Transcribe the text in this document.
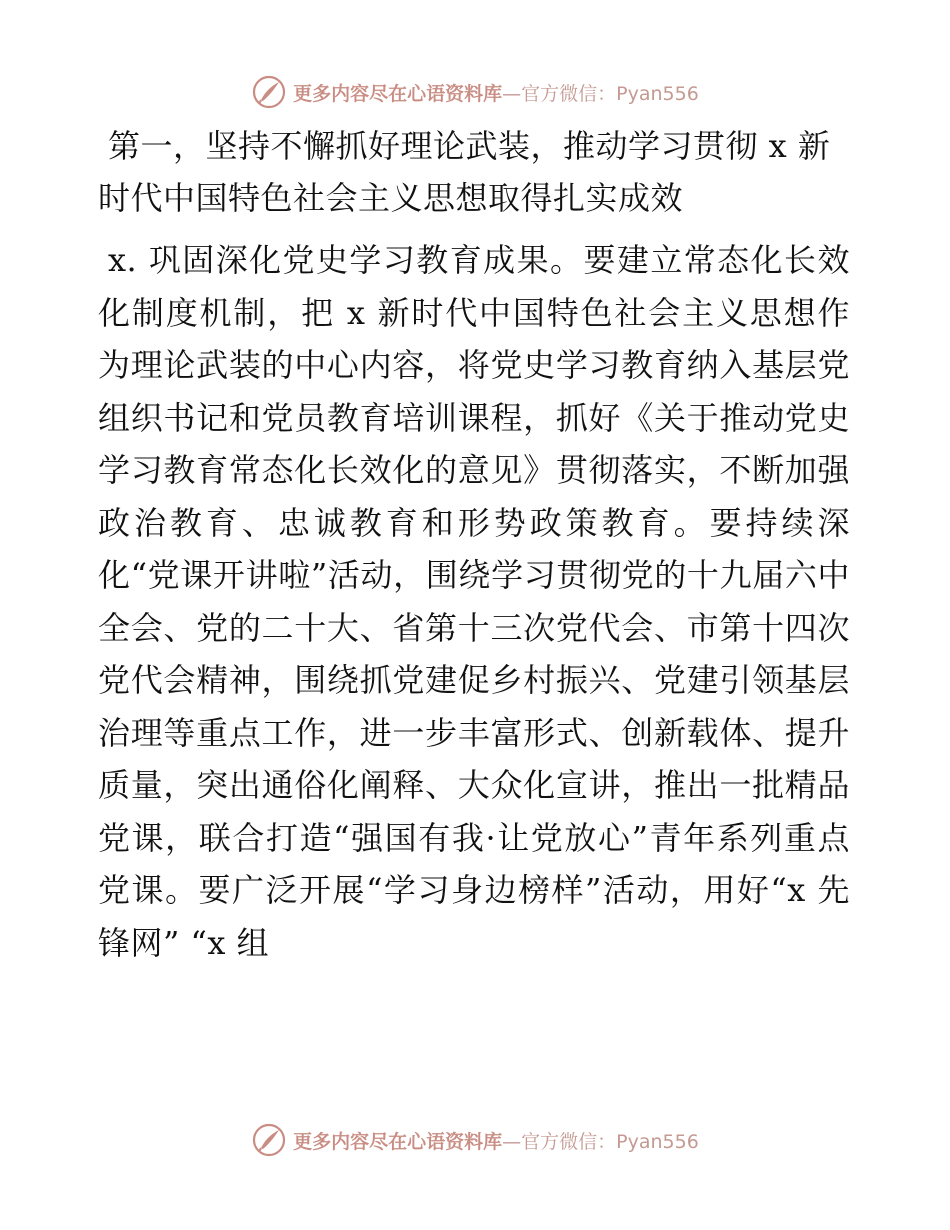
更多内容尽在心语资料库—官方微信：Pyan556
第一，坚持不懈抓好理论武装，推动学习贯彻 x 新时代中国特色社会主义思想取得扎实成效

x. 巩固深化党史学习教育成果。要建立常态化长效化制度机制，把 x 新时代中国特色社会主义思想作为理论武装的中心内容，将党史学习教育纳入基层党组织书记和党员教育培训课程，抓好《关于推动党史学习教育常态化长效化的意见》贯彻落实，不断加强政治教育、忠诚教育和形势政策教育。要持续深化“党课开讲啦”活动，围绕学习贯彻党的十九届六中全会、党的二十大、省第十三次党代会、市第十四次党代会精神，围绕抓党建促乡村振兴、党建引领基层治理等重点工作，进一步丰富形式、创新载体、提升质量，突出通俗化阐释、大众化宣讲，推出一批精品党课，联合打造“强国有我·让党放心”青年系列重点党课。要广泛开展“学习身边榜样”活动，用好“x 先锋网” “x 组

更多内容尽在心语资料库—官方微信：Pyan556
